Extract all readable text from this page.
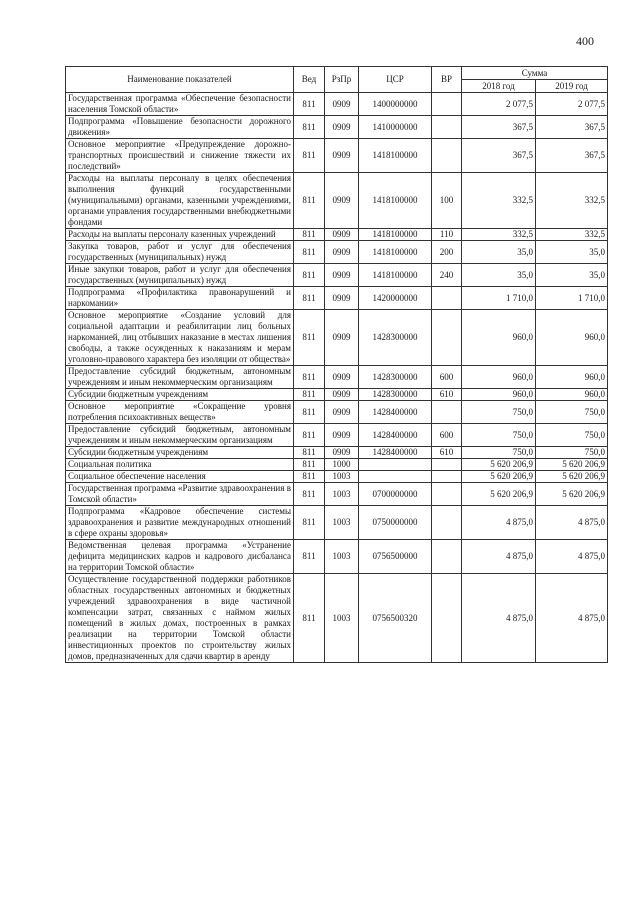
400
Наименование показателей	Вед	РзПр	ЦСР	ВР	Сумма	
					2018 год	2019 год
Государственная программа «Обеспечение безопасности населения Томской области»	811	0909	1400000000		2 077,5	2 077,5
Подпрограмма «Повышение безопасности дорожного движения»	811	0909	1410000000		367,5	367,5
Основное мероприятие «Предупреждение дорожно-транспортных происшествий и снижение тяжести их последствий»	811	0909	1418100000		367,5	367,5
Расходы на выплаты персоналу в целях обеспечения выполнения функций государственными (муниципальными) органами, казенными учреждениями, органами управления государственными внебюджетными фондами	811	0909	1418100000	100	332,5	332,5
Расходы на выплаты персоналу казенных учреждений	811	0909	1418100000	110	332,5	332,5
Закупка товаров, работ и услуг для обеспечения государственных (муниципальных) нужд	811	0909	1418100000	200	35,0	35,0
Иные закупки товаров, работ и услуг для обеспечения государственных (муниципальных) нужд	811	0909	1418100000	240	35,0	35,0
Подпрограмма «Профилактика правонарушений и наркомании»	811	0909	1420000000		1 710,0	1 710,0
Основное мероприятие «Создание условий для социальной адаптации и реабилитации лиц больных наркоманией, лиц отбывших наказание в местах лишения свободы, а также осужденных к наказаниям и мерам уголовно-правового характера без изоляции от общества»	811	0909	1428300000		960,0	960,0
Предоставление субсидий бюджетным, автономным учреждениям и иным некоммерческим организациям	811	0909	1428300000	600	960,0	960,0
Субсидии бюджетным учреждениям	811	0909	1428300000	610	960,0	960,0
Основное мероприятие «Сокращение уровня потребления психоактивных веществ»	811	0909	1428400000		750,0	750,0
Предоставление субсидий бюджетным, автономным учреждениям и иным некоммерческим организациям	811	0909	1428400000	600	750,0	750,0
Субсидии бюджетным учреждениям	811	0909	1428400000	610	750,0	750,0
Социальная политика	811	1000			5 620 206,9	5 620 206,9
Социальное обеспечение населения	811	1003			5 620 206,9	5 620 206,9
Государственная программа «Развитие здравоохранения в Томской области»	811	1003	0700000000		5 620 206,9	5 620 206,9
Подпрограмма «Кадровое обеспечение системы здравоохранения и развитие международных отношений в сфере охраны здоровья»	811	1003	0750000000		4 875,0	4 875,0
Ведомственная целевая программа «Устранение дефицита медицинских кадров и кадрового дисбаланса на территории Томской области»	811	1003	0756500000		4 875,0	4 875,0
Осуществление государственной поддержки работников областных государственных автономных и бюджетных учреждений здравоохранения в виде частичной компенсации затрат, связанных с наймом жилых помещений в жилых домах, построенных в рамках реализации на территории Томской области инвестиционных проектов по строительству жилых домов, предназначенных для сдачи квартир в аренду	811	1003	0756500320		4 875,0	4 875,0
